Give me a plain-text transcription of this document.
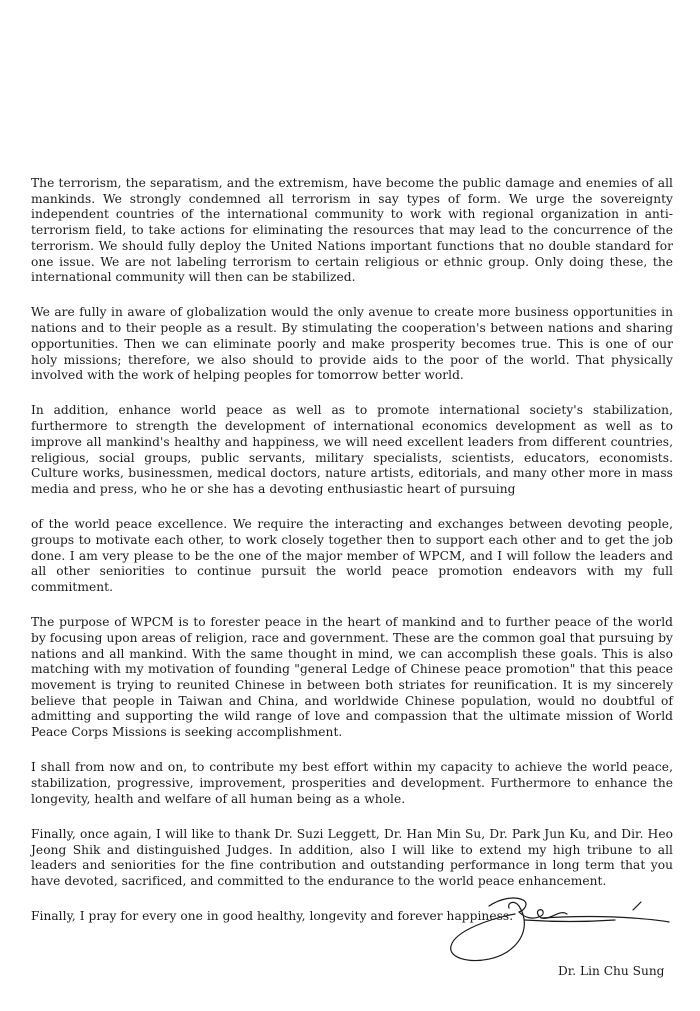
The terrorism, the separatism, and the extremism, have become the public damage and enemies of all mankinds. We strongly condemned all terrorism in say types of form. We urge the sovereignty independent countries of the international community to work with regional organization in anti-terrorism field, to take actions for eliminating the resources that may lead to the concurrence of the terrorism. We should fully deploy the United Nations important functions that no double standard for one issue. We are not labeling terrorism to certain religious or ethnic group. Only doing these, the international community will then can be stabilized.

We are fully in aware of globalization would the only avenue to create more business opportunities in nations and to their people as a result. By stimulating the cooperation's between nations and sharing opportunities. Then we can eliminate poorly and make prosperity becomes true. This is one of our holy missions; therefore, we also should to provide aids to the poor of the world. That physically involved with the work of helping peoples for tomorrow better world.

In addition, enhance world peace as well as to promote international society's stabilization, furthermore to strength the development of international economics development as well as to improve all mankind's healthy and happiness, we will need excellent leaders from different countries, religious, social groups, public servants, military specialists, scientists, educators, economists. Culture works, businessmen, medical doctors, nature artists, editorials, and many other more in mass media and press, who he or she has a devoting enthusiastic heart of pursuing

of the world peace excellence. We require the interacting and exchanges between devoting people, groups to motivate each other, to work closely together then to support each other and to get the job done. I am very please to be the one of the major member of WPCM, and I will follow the leaders and all other seniorities to continue pursuit the world peace promotion endeavors with my full commitment.

The purpose of WPCM is to forester peace in the heart of mankind and to further peace of the world by focusing upon areas of religion, race and government. These are the common goal that pursuing by nations and all mankind. With the same thought in mind, we can accomplish these goals. This is also matching with my motivation of founding "general Ledge of Chinese peace promotion" that this peace movement is trying to reunited Chinese in between both striates for reunification. It is my sincerely believe that people in Taiwan and China, and worldwide Chinese population, would no doubtful of admitting and supporting the wild range of love and compassion that the ultimate mission of World Peace Corps Missions is seeking accomplishment.

I shall from now and on, to contribute my best effort within my capacity to achieve the world peace, stabilization, progressive, improvement, prosperities and development. Furthermore to enhance the longevity, health and welfare of all human being as a whole.

Finally, once again, I will like to thank Dr. Suzi Leggett, Dr. Han Min Su, Dr. Park Jun Ku, and Dir. Heo Jeong Shik and distinguished Judges. In addition, also I will like to extend my high tribune to all leaders and seniorities for the fine contribution and outstanding performance in long term that you have devoted, sacrificed, and committed to the endurance to the world peace enhancement.

Finally, I pray for every one in good healthy, longevity and forever happiness.

Dr. Lin Chu Sung
